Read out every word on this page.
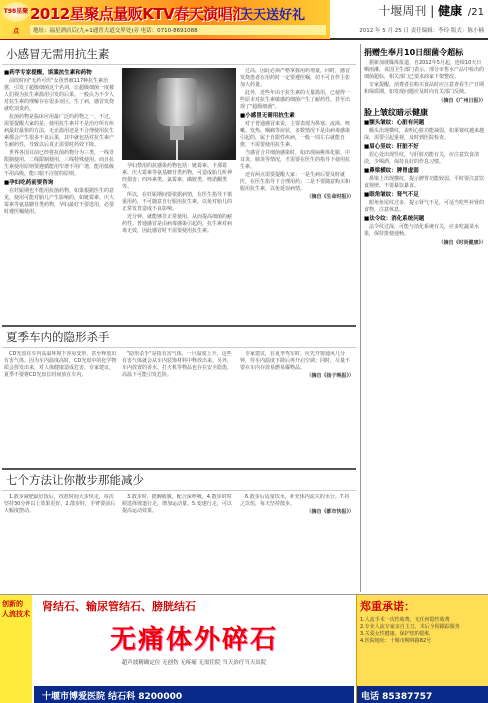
T98星聚点
2012星聚点量贩KTV春天演唱汇
天天送好礼
地址：福星酒店后(九+1通宵大道交界处)旁 电话：0710-8691088
十堰周刊 | 健康 /21
2012 年 5 月 25 日 责任编辑：李玲 版式：陈小楠
小感冒无需用抗生素
■药学专家提醒，谈滥抗生素和药物

前段时间"无药可医"女孩曾被117种抗生素治愈，引发了超级细菌这个名词，让超级细菌一度被人们视为抗生素滥用引发的后果。一般认为不少人对抗生素的理解存在很多误区，生了病，感冒发烧就吃消炎药。

抗菌药物是临床应用最广泛的药物之一，不过，需要提醒大家的是，使用抗生素并不是治疗所有疾病最好最快的方法，无论滥用还是不合理使用抗生素都会产生很多不良后果，其中就包括对抗生素产生耐药性，导致以后真正需要时药效下降。

世界各国目前已经将抗菌药物分为三类，一线非限制使用，二线限制使用，三线特殊使用。而且抗生素使用原则要遵循能用窄谱不用广谱，能用低级不用高级，能口服不注射的原则。

■孕妇吃药前要咨询

在妊娠期也不能用抗菌药物，如果根据医生的意见，使用可能对胎儿产生影响的，如链霉素、庆大霉素等氨基糖苷类药物，孕妇最好不要选用，必要时遵医嘱使用。

孕妇禁用的抗感染药物包括：链霉素、卡那霉素、庆大霉素等氨基糖苷类药物，可造成胎儿听神经损害；四环素类、氯霉素、磺胺类、喹诺酮类等。

所以，在妊娠期间要依据病情，在医生指导下慎重用药，不可随意自行服用抗生素，以免对胎儿的正常发育造成不良影响。

近分钟，就能够非正常使用，从而提高细菌的耐药性。普通感冒是由病毒感染引起的，抗生素对病毒无效，因此感冒时不需要使用抗生素。

过高，因此必须严格掌握用药剂量，同时，感冒发烧患者在用药时一定要遵医嘱，切不可自作主张加大药量。

此外，近些年由于抗生素的大量滥用，已使得一些原本对抗生素敏感的细菌产生了耐药性，甚至出现了"超级细菌"。

■小感冒无需用抗生素

对于普通感冒来说，主要表现为鼻塞、流涕、咳嗽、发热、咽痛等症状，多数情况下是由病毒感染引起的，属于自限性疾病，一般一周左右就能自愈，不需要使用抗生素。

当感冒合并细菌感染时，如出现扁桃体化脓、中耳炎、肺炎等情况，才需要在医生的指导下使用抗生素。

还有两点需要提醒大家：一是生病后要及时就医，在医生指导下合理用药；二是不要随意购买和服用抗生素，以免延误病情。

（摘自《生命时报》）
夏季车内的隐形杀手

CD光盘在车内高温环境下容易变形，甚至释放出有害气体。因为车内温度高时，CD光盘中的化学物质会挥发出来，对人体健康造成危害。专家建议，夏季不要将CD光盘长时间放在车内。

"隐形杀手"是指有害气体，一旦温度上升，这些有害气体就会从车内装饰材料中释放出来。另外，车内放置的香水、打火机等物品也存在安全隐患，高温下可能引发危险。

专家建议，在夏季驾车时，应先开窗通风几分钟，待车内温度下降后再开启空调；同时，尽量不要在车内存放易燃易爆物品。

（摘自《扬子晚报》）
七个方法让你散步那能减少

1.散步减肥最好饭后，找准时间大步快走，每次坚持30分钟以上效果更好。2.散步时，手臂要前后大幅度摆动。

3.散步时，挺胸收腹，配合深呼吸。4.散步的时候选择坡道行走，增加运动量。5.变速行走，可以提高运动效果。

6.散步后适量饮水，补充体内流失的水分。7.持之以恒，每天坚持散步。

（摘自《都市快报》）
捐赠生奉月10日细菌令超标

据新加坡媒体报道，自2012年5月起，连续10天日晒雨淋，该国卫生部门表示，部分市售水产品中检出的细菌超标，相关部门已要求商家下架整改。

专家提醒，消费者在购买食品时应注意查看生产日期和保质期，如发现问题应及时向有关部门反映。

（摘自《广州日报》）
脸上皱纹暗示健康
■额头皱纹：心脏有问题

额头出现横纹，说明心脏功能减弱，如果皱纹越来越深，需要引起重视，及时到医院检查。

■眉心竖纹：肝脏不好

眉心处出现竖纹，与肝脏功能有关，应注意饮食清淡，少喝酒，保持良好的作息习惯。

■鼻梁横纹：脾胃虚弱

鼻梁上出现横纹，提示脾胃功能较弱，平时要注意饮食规律，不要暴饮暴食。

■眼角皱纹：肾气不足

眼角鱼尾纹过多，提示肾气不足，可适当吃些补肾的食物，注意休息。

■法令纹：消化系统问题

法令纹过深，可能与消化系统有关，应多吃蔬菜水果，保持排便通畅。

（摘自《时尚健康》）
创新的 人流技术
肾结石、输尿管结石、膀胱结石
无痛体外碎石
超声波精确定位 无创伤 无疼痛 无需住院 当天治疗当天出院
十堰市博爱医院 结石科 8200000
郑重承诺：
1.人流手术一次性收费，无任何隐性收费
2.专业人流专家亲自主刀，术后全程跟踪服务
3.关爱女性健康，保护您的隐私
4.医院地址：十堰市柳林路82号
电话 85387757
